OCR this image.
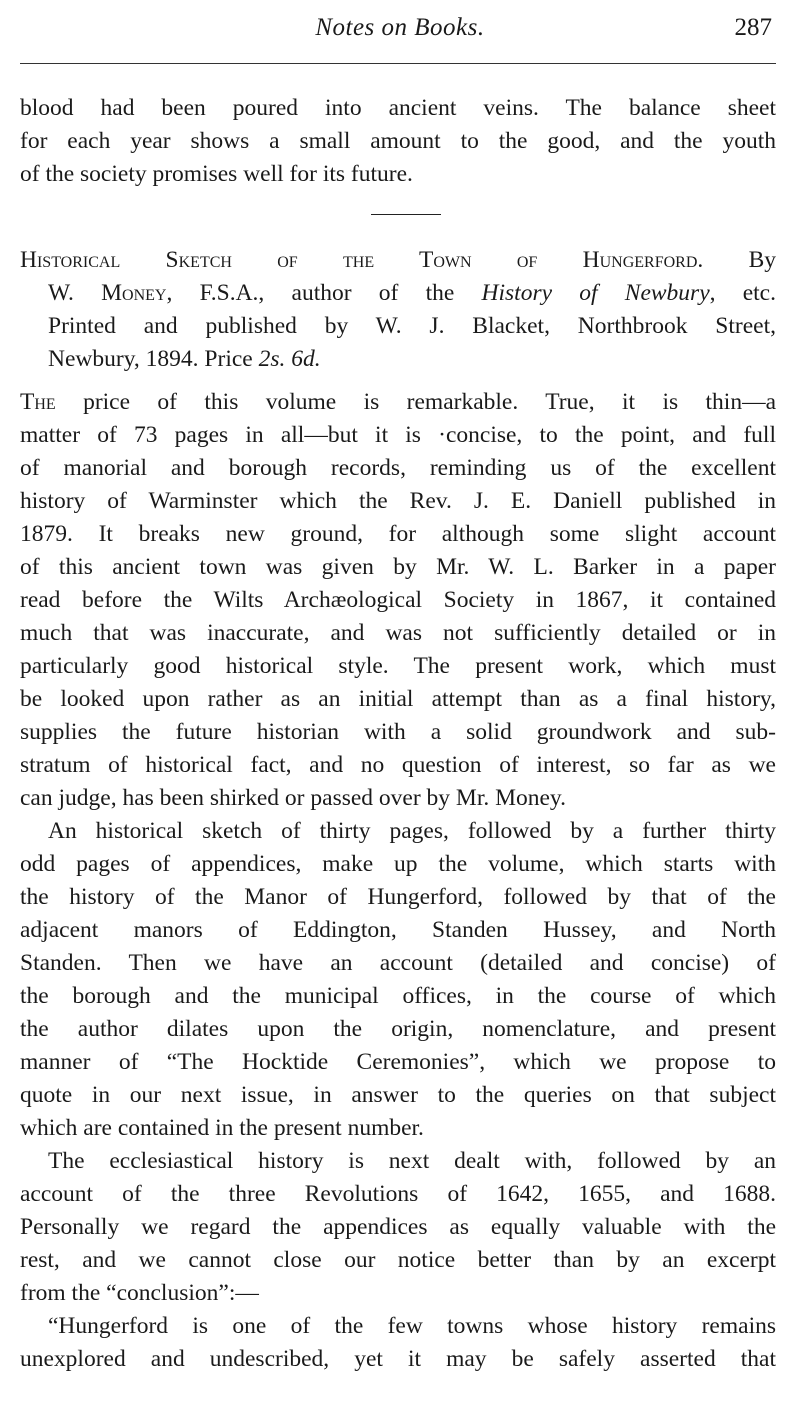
Notes on Books.	287
blood had been poured into ancient veins. The balance sheet
for each year shows a small amount to the good, and the youth
of the society promises well for its future.
Historical Sketch of the Town of Hungerford. By
W. Money, F.S.A., author of the History of Newbury, etc.
Printed and published by W. J. Blacket, Northbrook Street,
Newbury, 1894. Price 2s. 6d.
The price of this volume is remarkable. True, it is thin—a
matter of 73 pages in all—but it is ·concise, to the point, and full
of manorial and borough records, reminding us of the excellent
history of Warminster which the Rev. J. E. Daniell published in
1879. It breaks new ground, for although some slight account
of this ancient town was given by Mr. W. L. Barker in a paper
read before the Wilts Archæological Society in 1867, it contained
much that was inaccurate, and was not sufficiently detailed or in
particularly good historical style. The present work, which must
be looked upon rather as an initial attempt than as a final history,
supplies the future historian with a solid groundwork and sub-
stratum of historical fact, and no question of interest, so far as we
can judge, has been shirked or passed over by Mr. Money.
An historical sketch of thirty pages, followed by a further thirty
odd pages of appendices, make up the volume, which starts with
the history of the Manor of Hungerford, followed by that of the
adjacent manors of Eddington, Standen Hussey, and North
Standen. Then we have an account (detailed and concise) of
the borough and the municipal offices, in the course of which
the author dilates upon the origin, nomenclature, and present
manner of “The Hocktide Ceremonies”, which we propose to
quote in our next issue, in answer to the queries on that subject
which are contained in the present number.
The ecclesiastical history is next dealt with, followed by an
account of the three Revolutions of 1642, 1655, and 1688.
Personally we regard the appendices as equally valuable with the
rest, and we cannot close our notice better than by an excerpt
from the “conclusion”:—
“Hungerford is one of the few towns whose history remains
unexplored and undescribed, yet it may be safely asserted that
